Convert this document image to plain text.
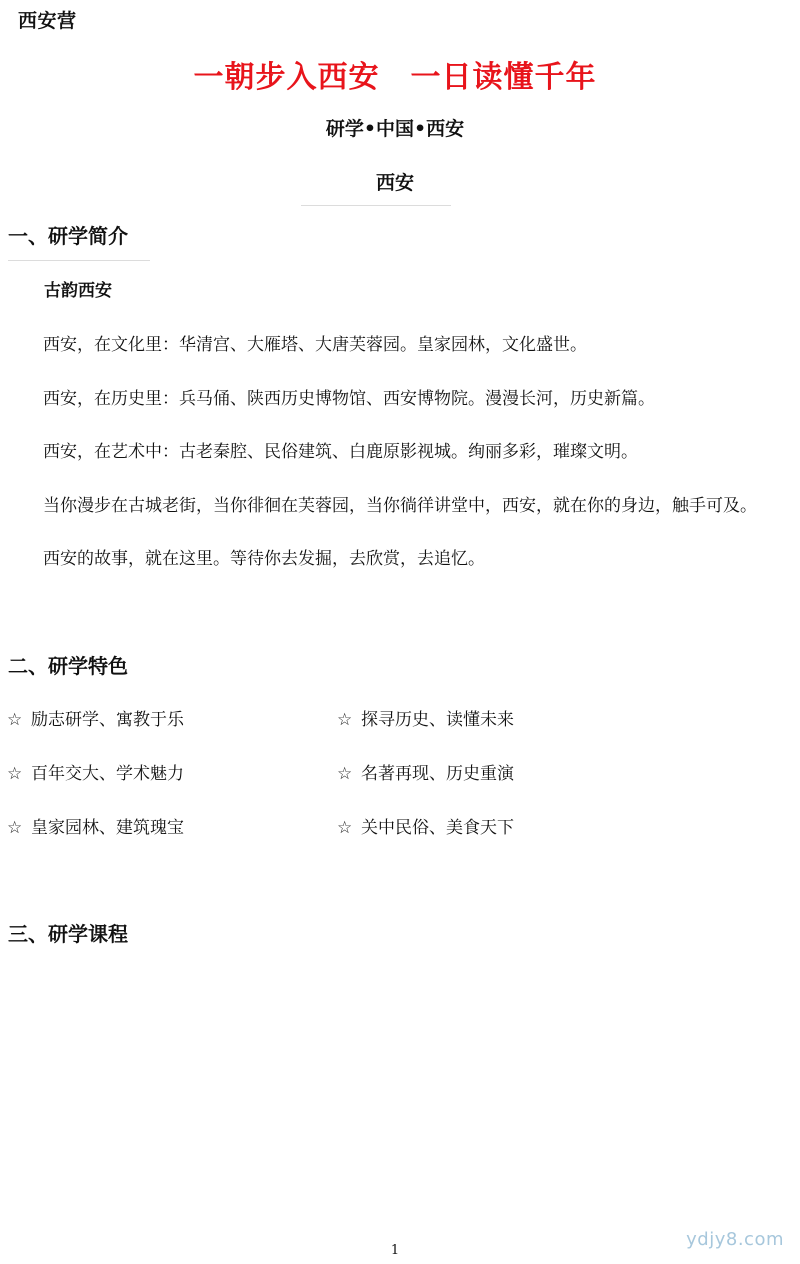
西安营
一朝步入西安　一日读懂千年
研学•中国•西安
西安
一、研学简介
古韵西安
西安，在文化里：华清宫、大雁塔、大唐芙蓉园。皇家园林，文化盛世。
西安，在历史里：兵马俑、陕西历史博物馆、西安博物院。漫漫长河，历史新篇。
西安，在艺术中：古老秦腔、民俗建筑、白鹿原影视城。绚丽多彩，璀璨文明。
当你漫步在古城老街，当你徘徊在芙蓉园，当你徜徉讲堂中，西安，就在你的身边，触手可及。
西安的故事，就在这里。等待你去发掘，去欣赏，去追忆。
二、研学特色
☆ 励志研学、寓教于乐	☆ 探寻历史、读懂未来
☆ 百年交大、学术魅力	☆ 名著再现、历史重演
☆ 皇家园林、建筑瑰宝	☆ 关中民俗、美食天下
三、研学课程
1
ydjy8.com
